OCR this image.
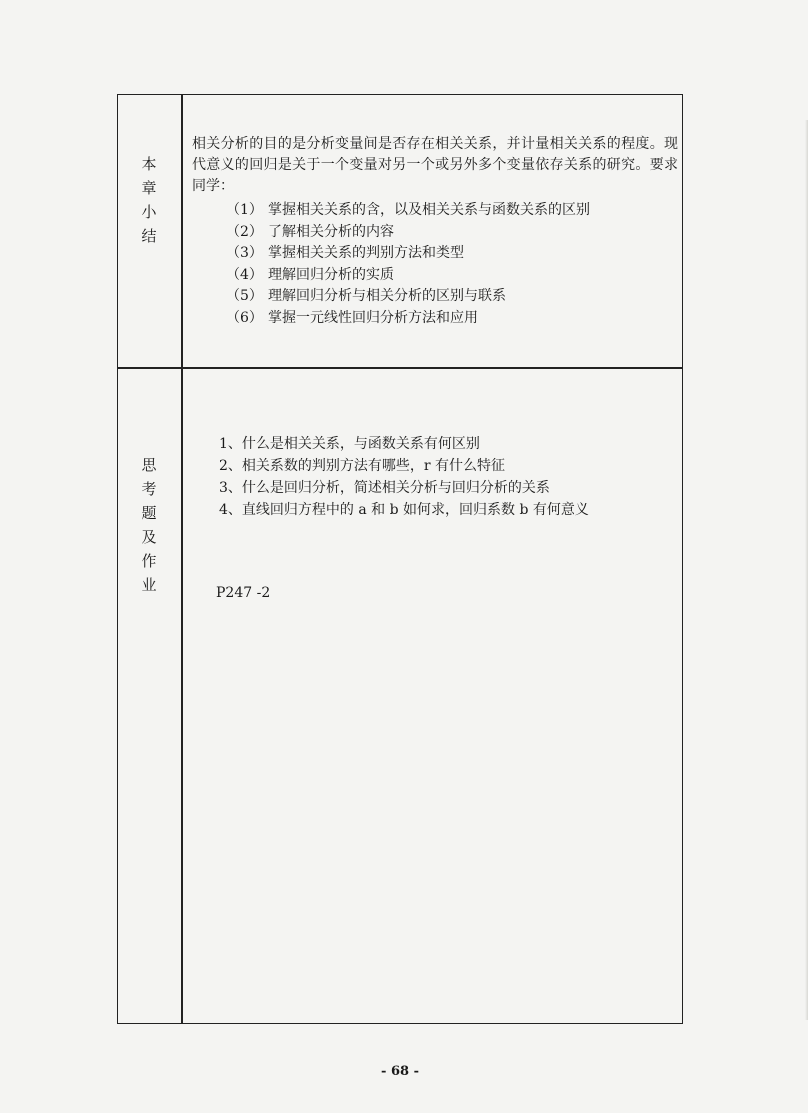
本
章
小
结
相关分析的目的是分析变量间是否存在相关关系，并计量相关关系的程度。现代意义的回归是关于一个变量对另一个或另外多个变量依存关系的研究。要求同学：
（1） 掌握相关关系的含，以及相关关系与函数关系的区别
（2） 了解相关分析的内容
（3） 掌握相关关系的判别方法和类型
（4） 理解回归分析的实质
（5） 理解回归分析与相关分析的区别与联系
（6） 掌握一元线性回归分析方法和应用
思
考
题
及
作
业
1、什么是相关关系，与函数关系有何区别
2、相关系数的判别方法有哪些，r 有什么特征
3、什么是回归分析，简述相关分析与回归分析的关系
4、直线回归方程中的 a 和 b 如何求，回归系数 b 有何意义
P247 -2
- 68 -
